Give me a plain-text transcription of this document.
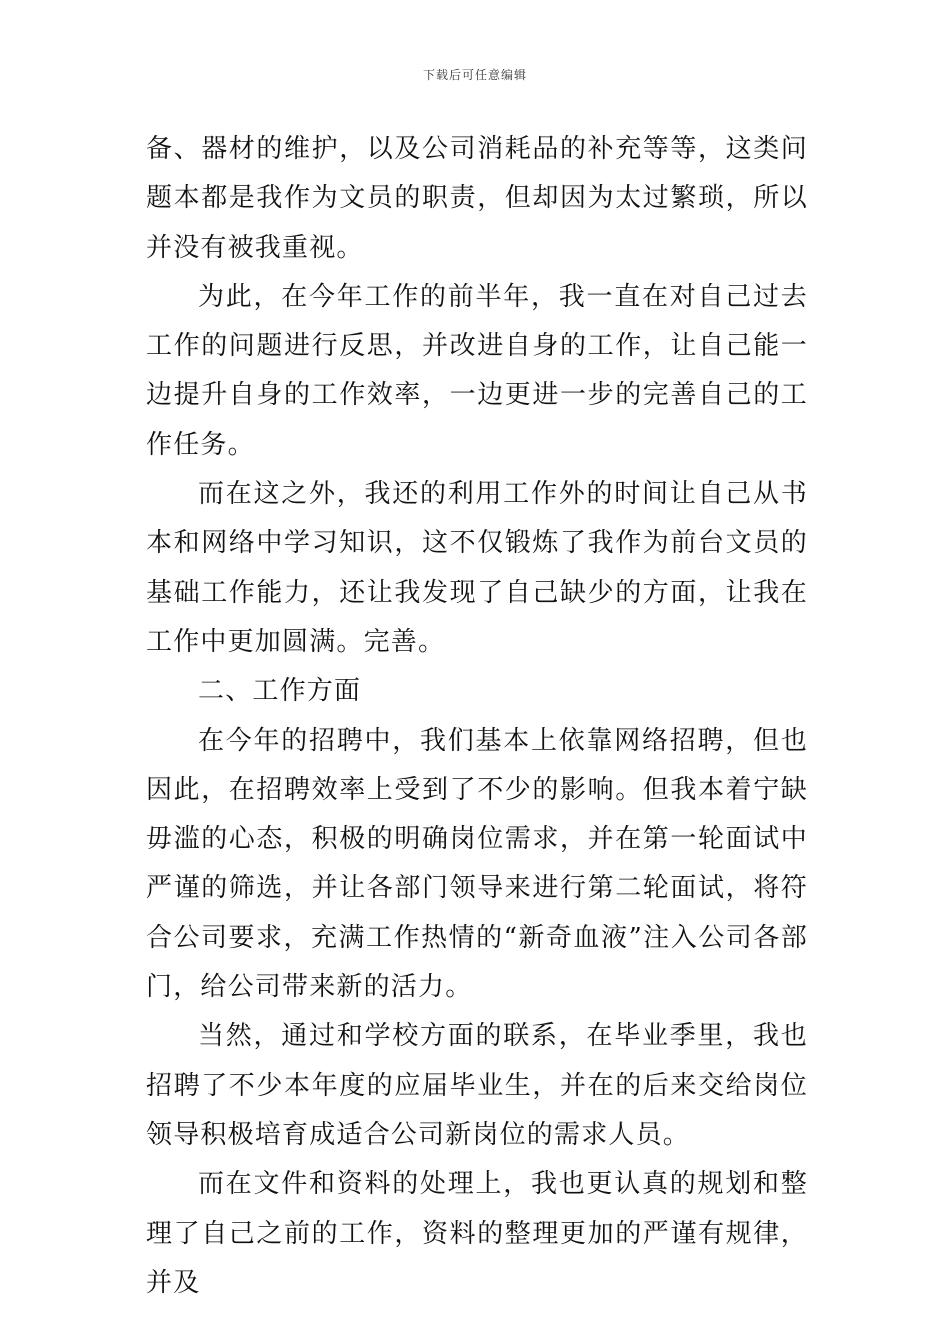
下载后可任意编辑

备、器材的维护，以及公司消耗品的补充等等，这类问题本都是我作为文员的职责，但却因为太过繁琐，所以并没有被我重视。

为此，在今年工作的前半年，我一直在对自己过去工作的问题进行反思，并改进自身的工作，让自己能一边提升自身的工作效率，一边更进一步的完善自己的工作任务。

而在这之外，我还的利用工作外的时间让自己从书本和网络中学习知识，这不仅锻炼了我作为前台文员的基础工作能力，还让我发现了自己缺少的方面，让我在工作中更加圆满。完善。

二、工作方面

在今年的招聘中，我们基本上依靠网络招聘，但也因此，在招聘效率上受到了不少的影响。但我本着宁缺毋滥的心态，积极的明确岗位需求，并在第一轮面试中严谨的筛选，并让各部门领导来进行第二轮面试，将符合公司要求，充满工作热情的“新奇血液”注入公司各部门，给公司带来新的活力。

当然，通过和学校方面的联系，在毕业季里，我也招聘了不少本年度的应届毕业生，并在的后来交给岗位领导积极培育成适合公司新岗位的需求人员。

而在文件和资料的处理上，我也更认真的规划和整理了自己之前的工作，资料的整理更加的严谨有规律，并及
